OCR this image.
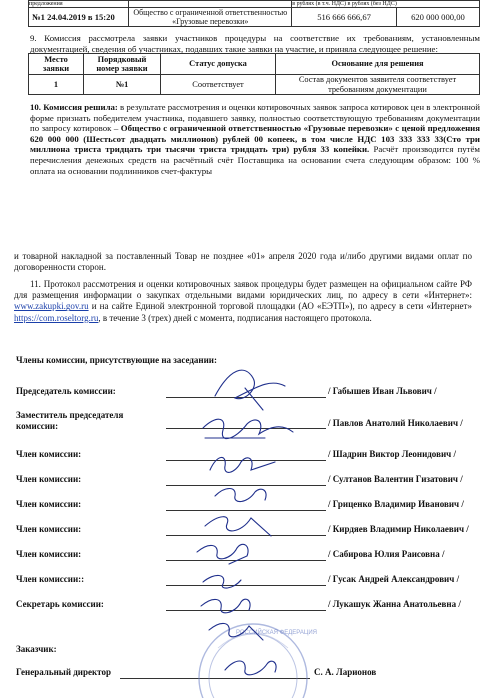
предложения		в рублях (в т.ч. НДС) в рублях (без НДС)	
№1 24.04.2019 в 15:20	Общество с ограниченной ответственностью «Грузовые перевозки»	516 666 666,67	620 000 000,00
9. Комиссия рассмотрела заявки участников процедуры на соответствие их требованиям, установленным документацией, сведения об участниках, подавших такие заявки на участие, и приняла следующее решение:
Место заявки	Порядковый номер заявки	Статус допуска	Основание для решения
1	№1	Соответствует	Состав документов заявителя соответствует требованиям документации
10. Комиссия решила: в результате рассмотрения и оценки котировочных заявок запроса котировок цен в электронной форме признать победителем участника, подавшего заявку, полностью соответствующую требованиям документации по запросу котировок – Общество с ограниченной ответственностью «Грузовые перевозки» с ценой предложения 620 000 000 (Шестьсот двадцать миллионов) рублей 00 копеек, в том числе НДС 103 333 333 33(Сто три миллиона триста тридцать три тысячи триста тридцать три) рубля 33 копейки. Расчёт производится путём перечисления денежных средств на расчётный счёт Поставщика на основании счета следующим образом: 100 % оплата на основании подлинников счет-фактуры
и товарной накладной за поставленный Товар не позднее «01» апреля 2020 года и/либо другими видами оплат по договоренности сторон.
11. Протокол рассмотрения и оценки котировочных заявок процедуры будет размещен на официальном сайте РФ для размещения информации о закупках отдельными видами юридических лиц, по адресу в сети «Интернет»: www.zakupki.gov.ru и на сайте Единой электронной торговой площадки (АО «ЕЭТП»), по адресу в сети «Интернет» https://com.roseltorg.ru, в течение 3 (трех) дней с момента, подписания настоящего протокола.
Члены комиссии, присутствующие на заседании:
Председатель комиссии:	/ Габышев Иван Львович /
Заместитель председателя комиссии:	/ Павлов Анатолий Николаевич /
Член комиссии:	/ Шадрин Виктор Леонидович /
Член комиссии:	/ Султанов Валентин Гизатович /
Член комиссии:	/ Гриценко Владимир Иванович /
Член комиссии:	/ Кирдяев Владимир Николаевич /
Член комиссии:	/ Сабирова Юлия Раисовна /
Член комиссии::	/ Гусак Андрей Александрович /
Секретарь комиссии:	/ Лукашук Жанна Анатольевна /
Заказчик:
Генеральный директор	С. А. Ларионов
РОССИЙСКАЯ ФЕДЕРАЦИЯ
